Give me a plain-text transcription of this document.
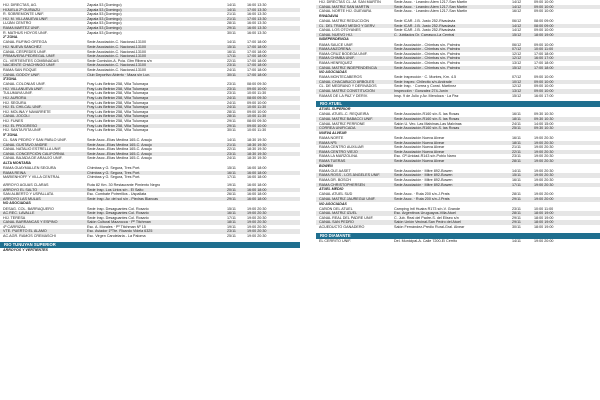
HIJ. DIRECTAS, AG.	Zapala 53 (Domingo)	14/11	16:00 13:30
HIJUELA 2º GUIÑAZÚ	Zapala 53 (Domingo)	14/11	17:00 13:30
R. SOBREMONTE UNIF.	Zapala 53 (Domingo)	21/11	16:00 13:30
HIJ. M. VILLANUEVA UNIF.	Zapala 53 (Domingo)	21/11	17:00 13:30
LUJÁN CENTRO	Zapala 53 (Domingo)	28/11	16:00 13:30
RAMA MARTEZ UNIF.	Zapala 53 (Domingo)	29/11	16:00 13:30
R. MATHUS HOYOS UNIF.	Zapala 53 (Domingo)	30/11	16:00 13:30
2º ZONA
CANAL RUFINO ORTEGA	Sede Asociación-C. Nacional-13100	14/11	17:00 18:00
HIJ. NUEVA SÁNCHEZ	Sede Asociación-C. Nacional-13100	15/11	17:00 18:00
CANAL CÉSPEDES UNIF.	Sede Asociación-C. Nacional-13100	16/11	17:00 18:00
PRIMAVERA PEDREGAL UNIF.	Sede Asociación-C. Nacional-13100	17/11	17:00 18:00
CL. VERTIENTES COMBINADAS	Sede Comisión-A. Pcia. Gtm Ribera s/n	22/11	17:00 18:00
NACIENTE CHACHINGO UNIF.	Sede Asociación-C. Nacional-13100	23/11	17:00 18:00
RAMA SAN ROQUE	Sede Asociación-C. Nacional-13100	24/11	17:00 18:00
CANAL GODOY UNIF.	Club Deportivo Abierto · Maza s/n Lun.	30/11	17:00 18:00
3ªZONA
CANAL COLONIAS UNIF.	Fray Luis Beltrán 258, Villa Tulumaya	23/11	08:00 09:30
HIJ. VILLANUEVA UNIF.	Fray Luis Beltrán 258, Villa Tulumaya	23/11	09:00 10:00
TULUMAYA UNIF.	Fray Luis Beltrán 258, Villa Tulumaya	23/11	10:00 11:30
HIJ. AURORA	Fray Luis Beltrán 258, Villa Tulumaya	24/11	08:00 09:30
HIJ. SEGURA	Fray Luis Beltrán 258, Villa Tulumaya	24/11	09:00 10:00
HIJ. EL CHILCAL UNIF.	Fray Luis Beltrán 258, Villa Tulumaya	24/11	10:00 11:30
HIJ. MOLINA Y NAVARRETE	Fray Luis Beltrán 258, Villa Tulumaya	28/11	09:00 10:00
CANAL JOCOLI	Fray Luis Beltrán 258, Villa Tulumaya	28/11	10:00 11:30
HIJ. FUNES	Fray Luis Beltrán 258, Villa Tulumaya	29/11	08:00 09:30
HIJ. EL PROGRESO	Fray Luis Beltrán 258, Villa Tulumaya	29/11	09:00 10:00
HIJ. SANTA RITA UNIF.	Fray Luis Beltrán 258, Villa Tulumaya	30/11	10:00 11:30
5ª ZONA
CL. SAN PEDRO Y SAN PABLO UNIF.	Sede Asoc.-Elías Medina 165-C. Araujo	14/11	18:30 19:30
CANAL GUSTAVO ANDRE	Sede Asoc.-Elías Medina 165-C. Araujo	21/11	18:30 19:30
CANAL NATALIO ESTRELLA UNIF.	Sede Asoc.-Elías Medina 165-C. Araujo	22/11	18:30 19:30
CANAL CONCEPCIÓN CALIFORNIA	Sede Asoc.-Elías Medina 165-C. Araujo	23/11	18:30 19:30
CANAL BAJADA DE ARAUJO UNIF.	Sede Asoc.-Elías Medina 165-C. Araujo	24/11	18:30 19:30
ALTA MONTAÑA
RAMA GUAYMALLÉN SEGURA	Chimbas y G. Segura, Tres Port.	15/11	16:00 18:00
RAMA REINA	Chimbas y G. Segura, Tres Port.	16/11	16:00 18:00
MARIENHOFF Y VILLA CENTRAL	Chimbas y G. Segura, Tres Port.	17/11	16:00 18:00
ARROYO AGUAS CLARAS	Ruta 82 Km. 30 Restaurante Pimiento Negro	19/11	16:00 18:00
ARROYO EL SALTO	Sede Insp. Los Lirios s/n - El Salto	20/11	16:00 18:00
SAN ALBERTO Y USPALLATA	Esc. Combate Potrerillos - Uspallata	26/11	16:00 18:00
ARROYO LAS MULAS	Sede Insp. Av. del sol s/n - Piedras Blancas	29/11	16:00 18:00
NO ASOCIADAS
DESAG. COL. BARRAQUERO	Sede Insp. Desaguantes Col. Rosario	15/11	19:00 20:30
AC.REC. LAVALLE	Sede Insp. Desaguantes Col. Rosario	16/11	19:00 20:30
HIJ. TERESA	Sede Insp. Desaguantes Col. Rosario	17/11	19:00 20:30
CANAL BARRANCAS Y ESPINO	Salón Cultural Mazzocca · Pº Titchman	18/11	19:00 20:30
4º CARRIZAL	Esc. A. Morales · Pº Titchman Nº 15	19/11	19:00 20:30
VTE. PUERTO EL ÁLAMO	Esc. Aviador 1ºTte. Ricardo Videla 6325	23/11	19:00 20:30
AC.AGR. RAMOS CREMASCHI	Esc. Virgen Candelaria - La Paloma	25/11	19:00 20:30
RIO TUNUYAN SUPERIOR
ARROYOS Y VERTIENTES
HIJ. DIRECTAS CL.-M. SAN MARTÍN	Sede Asoc. · Leandro Alem 1217-San Martín	14/12	09:00 10:00
CANAL MATRIZ SAN MARTÍN	Sede Asoc. · Leandro Alem 1217-San Martín	14/12	09:00 10:00
CANAL NORTE HIJ. GUEVARA	Sede Asoc. · Leandro Alem 1217-San Martín	16/12	09:00 10:00
RIVADAVIA
CANAL MATRIZ REDUCCIÓN	Sede ICAR. J.B. Justo 252-Rivadavia	06/12	08:00 09:00
CL. DEL TRAMO MEDIO Y DERV.	Sede ICAR. J.B. Justo 252-Rivadavia	14/12	08:00 09:00
CANAL LOS OTOYANES	Sede ICAR. J.B. Justo 252-Rivadavia	14/12	09:00 10:00
CANAL NUEVO HIJ.	C. Jubilados Dr. Carrasco-La Central	15/12	18:00 19:00
INDEPENDENCIA
RAMA SAUCE UNIF.	Sede Asociación - Chimbas s/n- Palmira	06/12	09:00 10:00
RAMA ANZORENA	Sede Asociación - Chimbas s/n- Palmira	07/12	10:00 11:00
RAMA CRUZ BODEGA UNIF.	Sede Asociación - Chimbas s/n- Palmira	12/12	17:00 18:00
RAMA CHIMBA UNIF.	Sede Asociación - Chimbas s/n- Palmira	12/12	16:00 17:00
RAMA HENRÍQUEZ	Sede Asociación - Chimbas s/n- Palmira	13/12	17:00 18:00
CANAL MATRIZ INDEPENDENCIA	Sede Asociación - Chimbas s/n- Palmira	15/12	17:00 18:00
NO ASOCIADAS
RAMA MONTECABEROS	Sede Inspección · C. Montes, Km. 4.5	07/12	09:00 10:00
CANAL CHACABUCO ÁRBOLES	Sede Inspec. Chilecito s/n-Andrade	10/12	09:00 10:00
CL. DE MEDRANO Y DERIVADOS	Sede Insp. · Correa y Const. Martínez	12/12	09:00 10:00
CANAL MATRIZ CONSTITUCIÓN	Inspección · Gonzalez 274-Junín	13/12	09:00 10:00
RAMAS DE LA PAZ Y DERIV.	Insp. 9 de Julio y Av. Mendoza · La Paz	15/12	16:00 17:00
RIO ATUEL
ATUEL SUPERIOR
CANAL ATUEL-C. REQUEIRA	Sede Asociación-R160 s/n-S. las Rosas	16/11	09:30 10:30
CANAL MATRIZ BABACCI UNIF.	Sede Asociación-R160 s/n-S. las Rosas	18/11	09:30 10:30
CANAL MATRIZ PERRONE	Salón U. Vec. Las Malvinas-Las Malvinas	24/11	14:00 15:00
CORREA UNIFICADA	Sede Asociación-R160 s/n-S. las Rosas	25/11	09:30 10:30
NUEVA ALVEAR
RAMA NORTE	Sede Asociación Nueva Alvear	16/11	19:00 20:30
RAMA Nº5	Sede Asociación Nueva Alvear	18/11	19:00 20:30
RAMA CENTRO AUXILIAR	Sede Asociación Nueva Alvear	21/11	19:00 20:30
RAMA CENTRO VIEJO	Sede Asociación Nueva Alvear	22/11	19:00 20:30
RAMA LA MARZOLINA	Esc. Gª-Unidad-R143 s/n-Poblo Narro	23/11	19:00 20:30
RAMA TUERAS	Sede Asociación Nueva Alvear	28/11	19:00 20:30
BOWEN
RAMA OLE AASET	Sede Asociación · Mitre 892-Bowen	14/11	19:00 20:30
RAMA ROSS - LOS ÁNGELES UNIF.	Sede Asociación · Mitre 892-Bowen	15/11	19:00 20:30
RAMA DR. BOSCH	Sede Asociación · Mitre 892-Bowen	16/11	19:00 20:30
RAMA CHRISTOPHERSEN	Sede Asociación · Mitre 892-Bowen	17/11	19:00 20:30
ATUEL MEDIO
CANAL ATUEL SUD	Sede Asoc. · Ruta 200 s/n-J.Prats	28/11	19:00 20:00
CANAL MATRIZ JAUREGUI UNIF.	Sede Asoc. · Ruta 200 s/n-J.Prats	29/11	19:00 20:00
NO ASOCIADAS
CAÑÓN DEL ATUEL	Camping Intl Huaira R173 s/n-V. Grande	23/11	10:00 11:00
CANAL MATRIZ IZUEL	Esc. Argentinos Uruguayos-Villa Atuel	28/11	18:00 19:00
CANAL REAL DEL PADRE UNIF.	C. Jub. Real del Padre-S. del Eliseo s/n	29/11	18:00 19:00
CANAL SAN PEDRO	Salón Unión Vecinal-San Pedro del Atuel	29/11	18:00 19:00
ACUEDUCTO GANADERO	Salón Fernández-Predio Rural-Gral. Alvear	30/11	18:00 19:00
RIO DIAMANTE
EL CERRITO UNIF.	Del. Municipal-A. Calle 7200-El Cerrito	14/11	19:00 20:00
